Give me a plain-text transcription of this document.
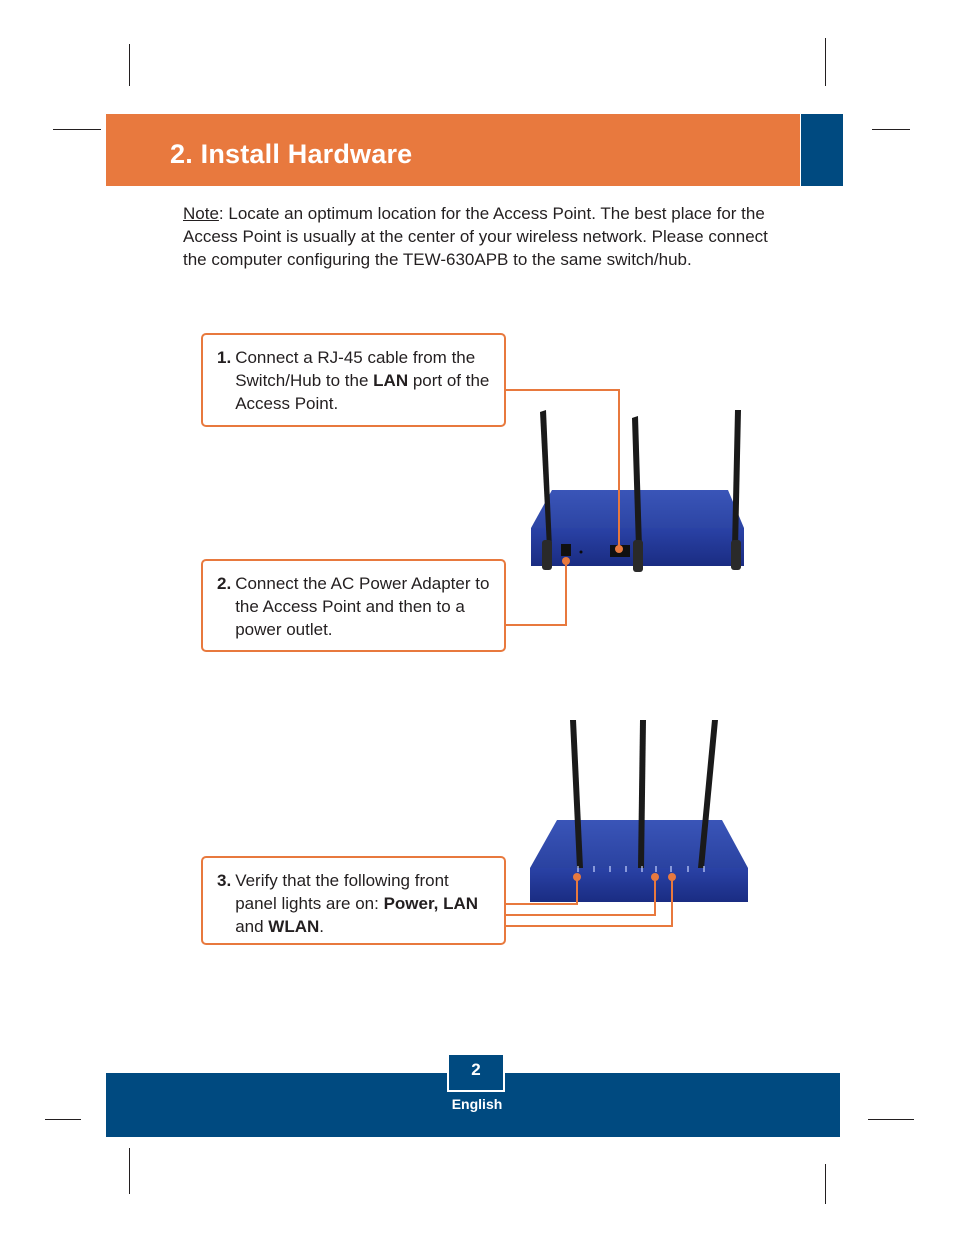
2. Install Hardware
Note: Locate an optimum location for the Access Point. The best place for the Access Point is usually at the center of your wireless network. Please connect the computer configuring the TEW-630APB to the same switch/hub.
1. Connect a RJ-45 cable from the Switch/Hub to the LAN port of the Access Point.
2. Connect the AC Power Adapter to the Access Point and then to a power outlet.
3. Verify that the following front panel lights are on: Power, LAN and WLAN.
2
English
